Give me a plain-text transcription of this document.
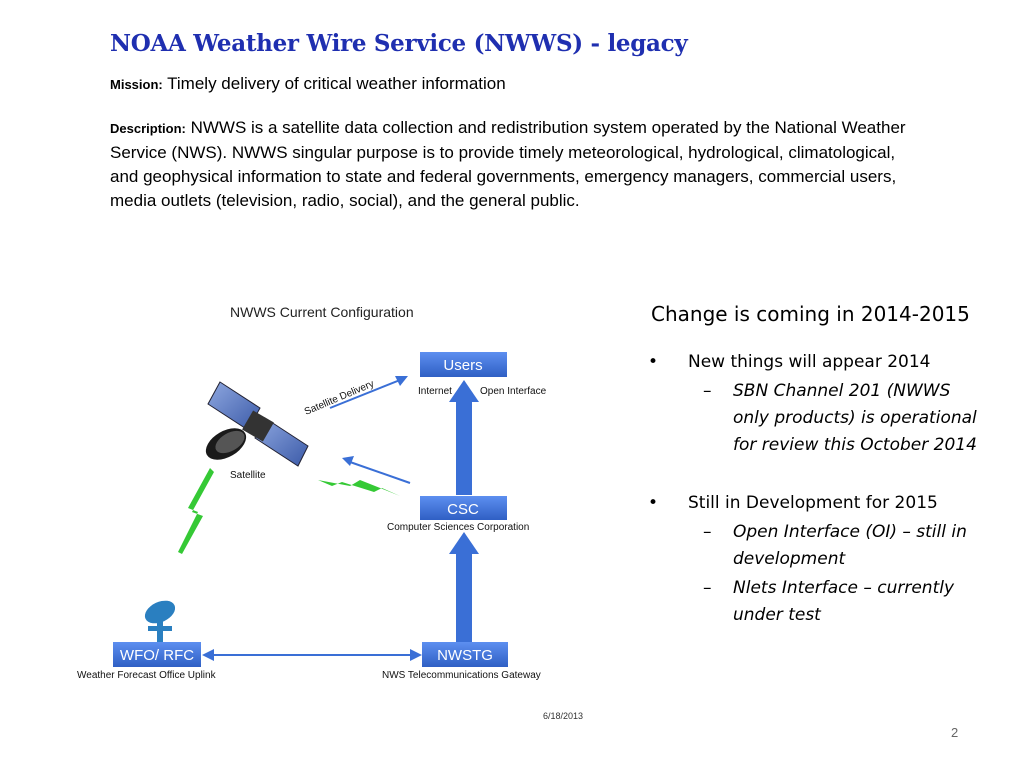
NOAA Weather Wire Service (NWWS) - legacy
Mission: Timely delivery of critical weather information
Description: NWWS is a satellite data collection and redistribution system operated by the National Weather Service (NWS). NWWS singular purpose is to provide timely meteorological, hydrological, climatological, and geophysical information to state and federal governments, emergency managers, commercial users, media outlets (television, radio, social), and the general public.
NWWS Current Configuration
Users
Internet	Open Interface
CSC
Computer Sciences Corporation
WFO/ RFC
Weather Forecast Office Uplink
NWSTG
NWS Telecommunications Gateway
Satellite Delivery
Satellite
6/18/2013
Change is coming in 2014-2015
• New things will appear 2014
– SBN Channel 201 (NWWS only products) is operational for review this October 2014
• Still in Development for 2015
– Open Interface (OI) – still in development
– Nlets Interface – currently under test
2
